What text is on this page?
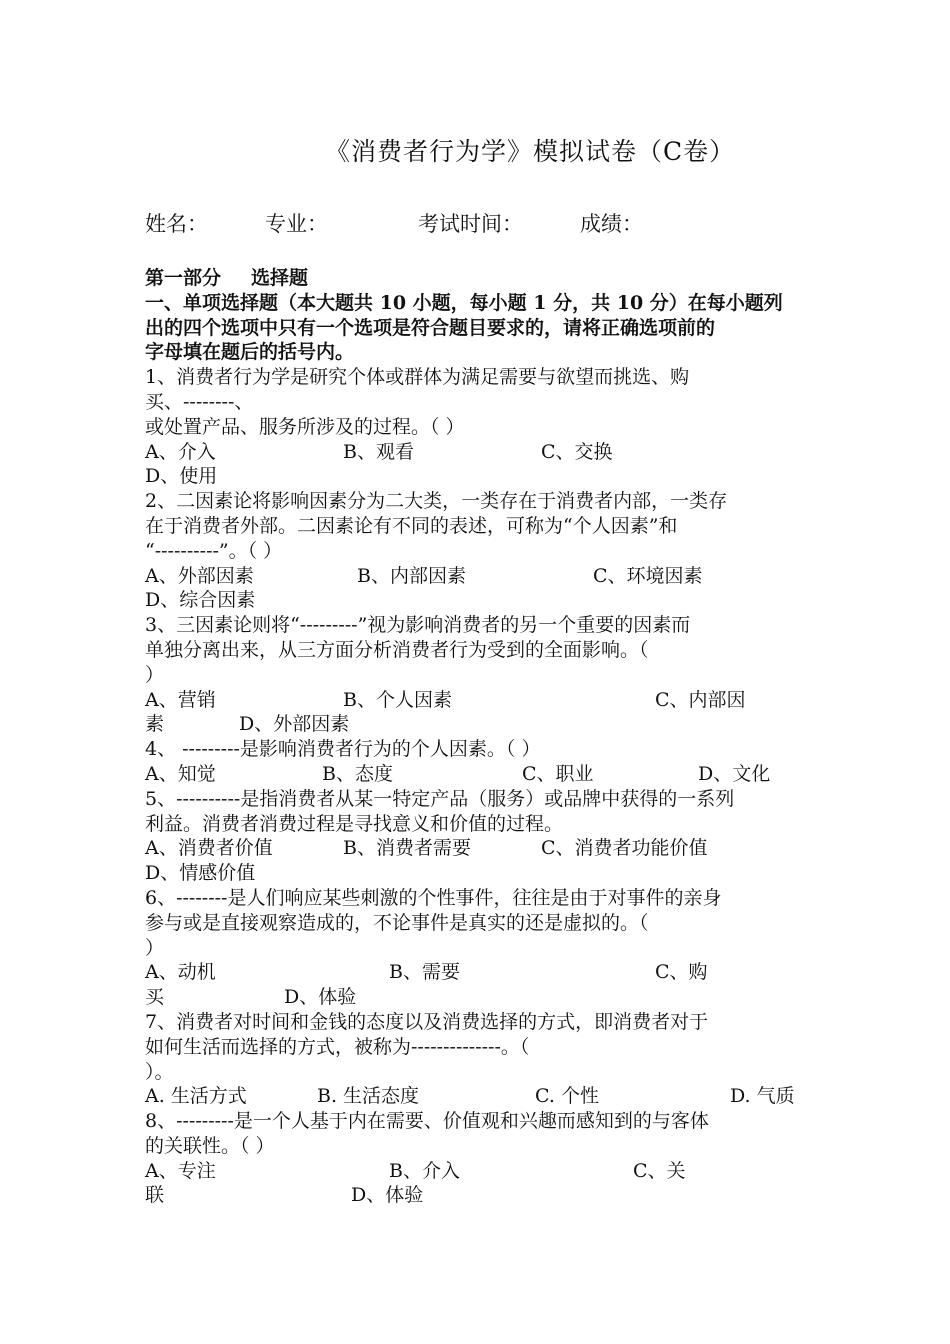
《消费者行为学》模拟试卷（C卷）
姓名：	专业：	考试时间：	成绩：
第一部分 选择题
一、单项选择题（本大题共 10 小题，每小题 1 分，共 10 分）在每小题列
出的四个选项中只有一个选项是符合题目要求的，请将正确选项前的
字母填在题后的括号内。
1、消费者行为学是研究个体或群体为满足需要与欲望而挑选、购
买、--------、
或处置产品、服务所涉及的过程。（ ）
A、介入	B、观看	C、交换
D、使用
2、二因素论将影响因素分为二大类，一类存在于消费者内部，一类存
在于消费者外部。二因素论有不同的表述，可称为“个人因素”和
“----------”。（ ）
A、外部因素	B、内部因素	C、环境因素
D、综合因素
3、三因素论则将“---------”视为影响消费者的另一个重要的因素而
单独分离出来，从三方面分析消费者行为受到的全面影响。（
）
A、营销	B、个人因素	C、内部因
素	D、外部因素
4、 ---------是影响消费者行为的个人因素。（ ）
A、知觉	B、态度	C、职业	D、文化
5、----------是指消费者从某一特定产品（服务）或品牌中获得的一系列
利益。消费者消费过程是寻找意义和价值的过程。
A、消费者价值	B、消费者需要	C、消费者功能价值
D、情感价值
6、--------是人们响应某些刺激的个性事件，往往是由于对事件的亲身
参与或是直接观察造成的，不论事件是真实的还是虚拟的。（
）
A、动机	B、需要	C、购
买	D、体验
7、消费者对时间和金钱的态度以及消费选择的方式，即消费者对于
如何生活而选择的方式，被称为--------------。（
）。
A. 生活方式	B. 生活态度	C. 个性	D. 气质
8、---------是一个人基于内在需要、价值观和兴趣而感知到的与客体
的关联性。（ ）
A、专注	B、介入	C、关
联	D、体验
